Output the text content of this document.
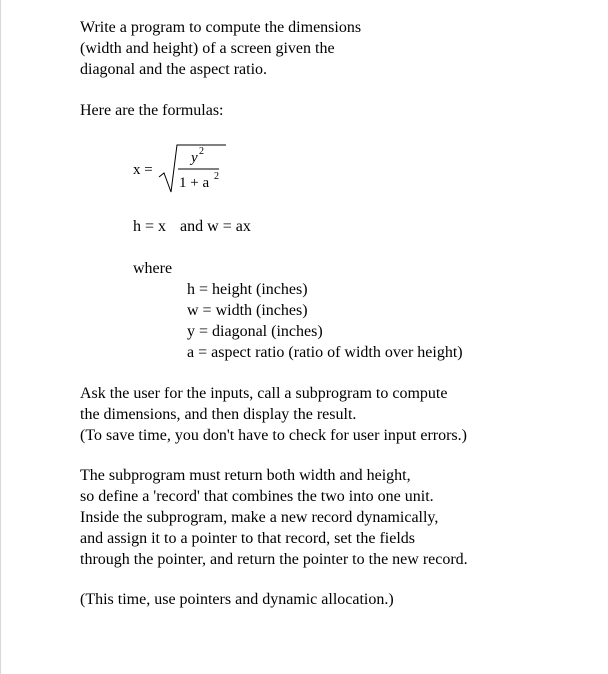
Write a program to compute the dimensions
(width and height) of a screen given the
diagonal and the aspect ratio.
Here are the formulas:
x =
y 2
1 + a 2
h = x and w = ax
where
h = height (inches)
w = width (inches)
y = diagonal (inches)
a = aspect ratio (ratio of width over height)
Ask the user for the inputs, call a subprogram to compute
the dimensions, and then display the result.
(To save time, you don't have to check for user input errors.)
The subprogram must return both width and height,
so define a 'record' that combines the two into one unit.
Inside the subprogram, make a new record dynamically,
and assign it to a pointer to that record, set the fields
through the pointer, and return the pointer to the new record.
(This time, use pointers and dynamic allocation.)
